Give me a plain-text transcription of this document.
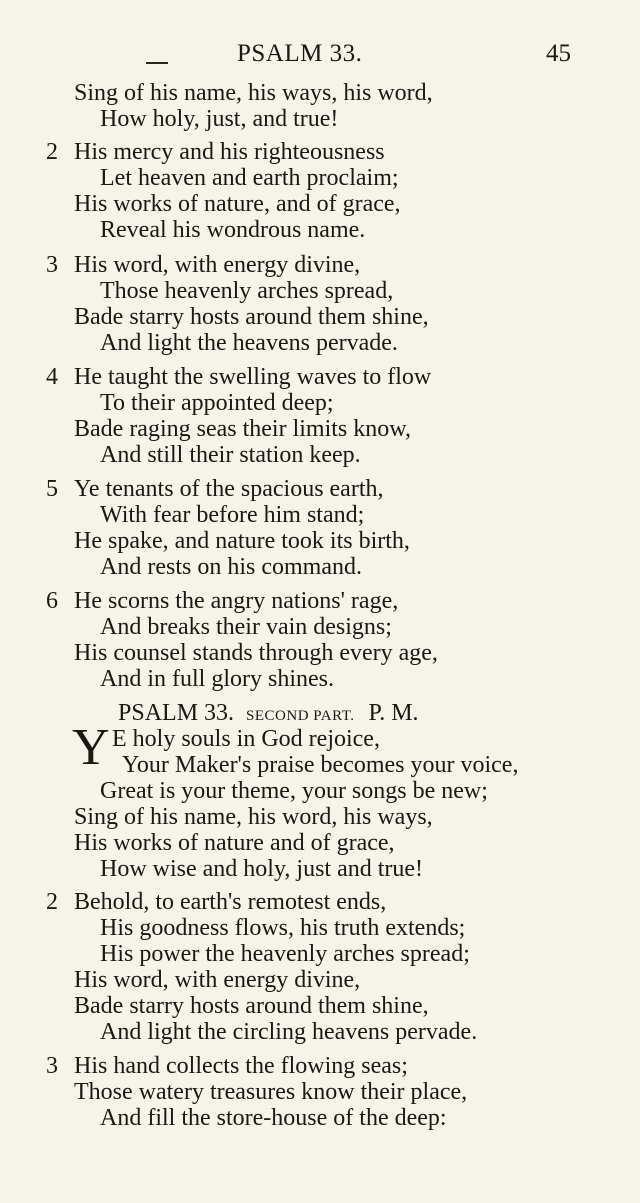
PSALM 33.	45
Sing of his name, his ways, his word,
How holy, just, and true!
2 His mercy and his righteousness
Let heaven and earth proclaim;
His works of nature, and of grace,
Reveal his wondrous name.
3 His word, with energy divine,
Those heavenly arches spread,
Bade starry hosts around them shine,
And light the heavens pervade.
4 He taught the swelling waves to flow
To their appointed deep;
Bade raging seas their limits know,
And still their station keep.
5 Ye tenants of the spacious earth,
With fear before him stand;
He spake, and nature took its birth,
And rests on his command.
6 He scorns the angry nations' rage,
And breaks their vain designs;
His counsel stands through every age,
And in full glory shines.
PSALM 33. SECOND PART. P. M.
Y E holy souls in God rejoice,
Your Maker's praise becomes your voice,
Great is your theme, your songs be new;
Sing of his name, his word, his ways,
His works of nature and of grace,
How wise and holy, just and true!
2 Behold, to earth's remotest ends,
His goodness flows, his truth extends;
His power the heavenly arches spread;
His word, with energy divine,
Bade starry hosts around them shine,
And light the circling heavens pervade.
3 His hand collects the flowing seas;
Those watery treasures know their place,
And fill the store-house of the deep:
